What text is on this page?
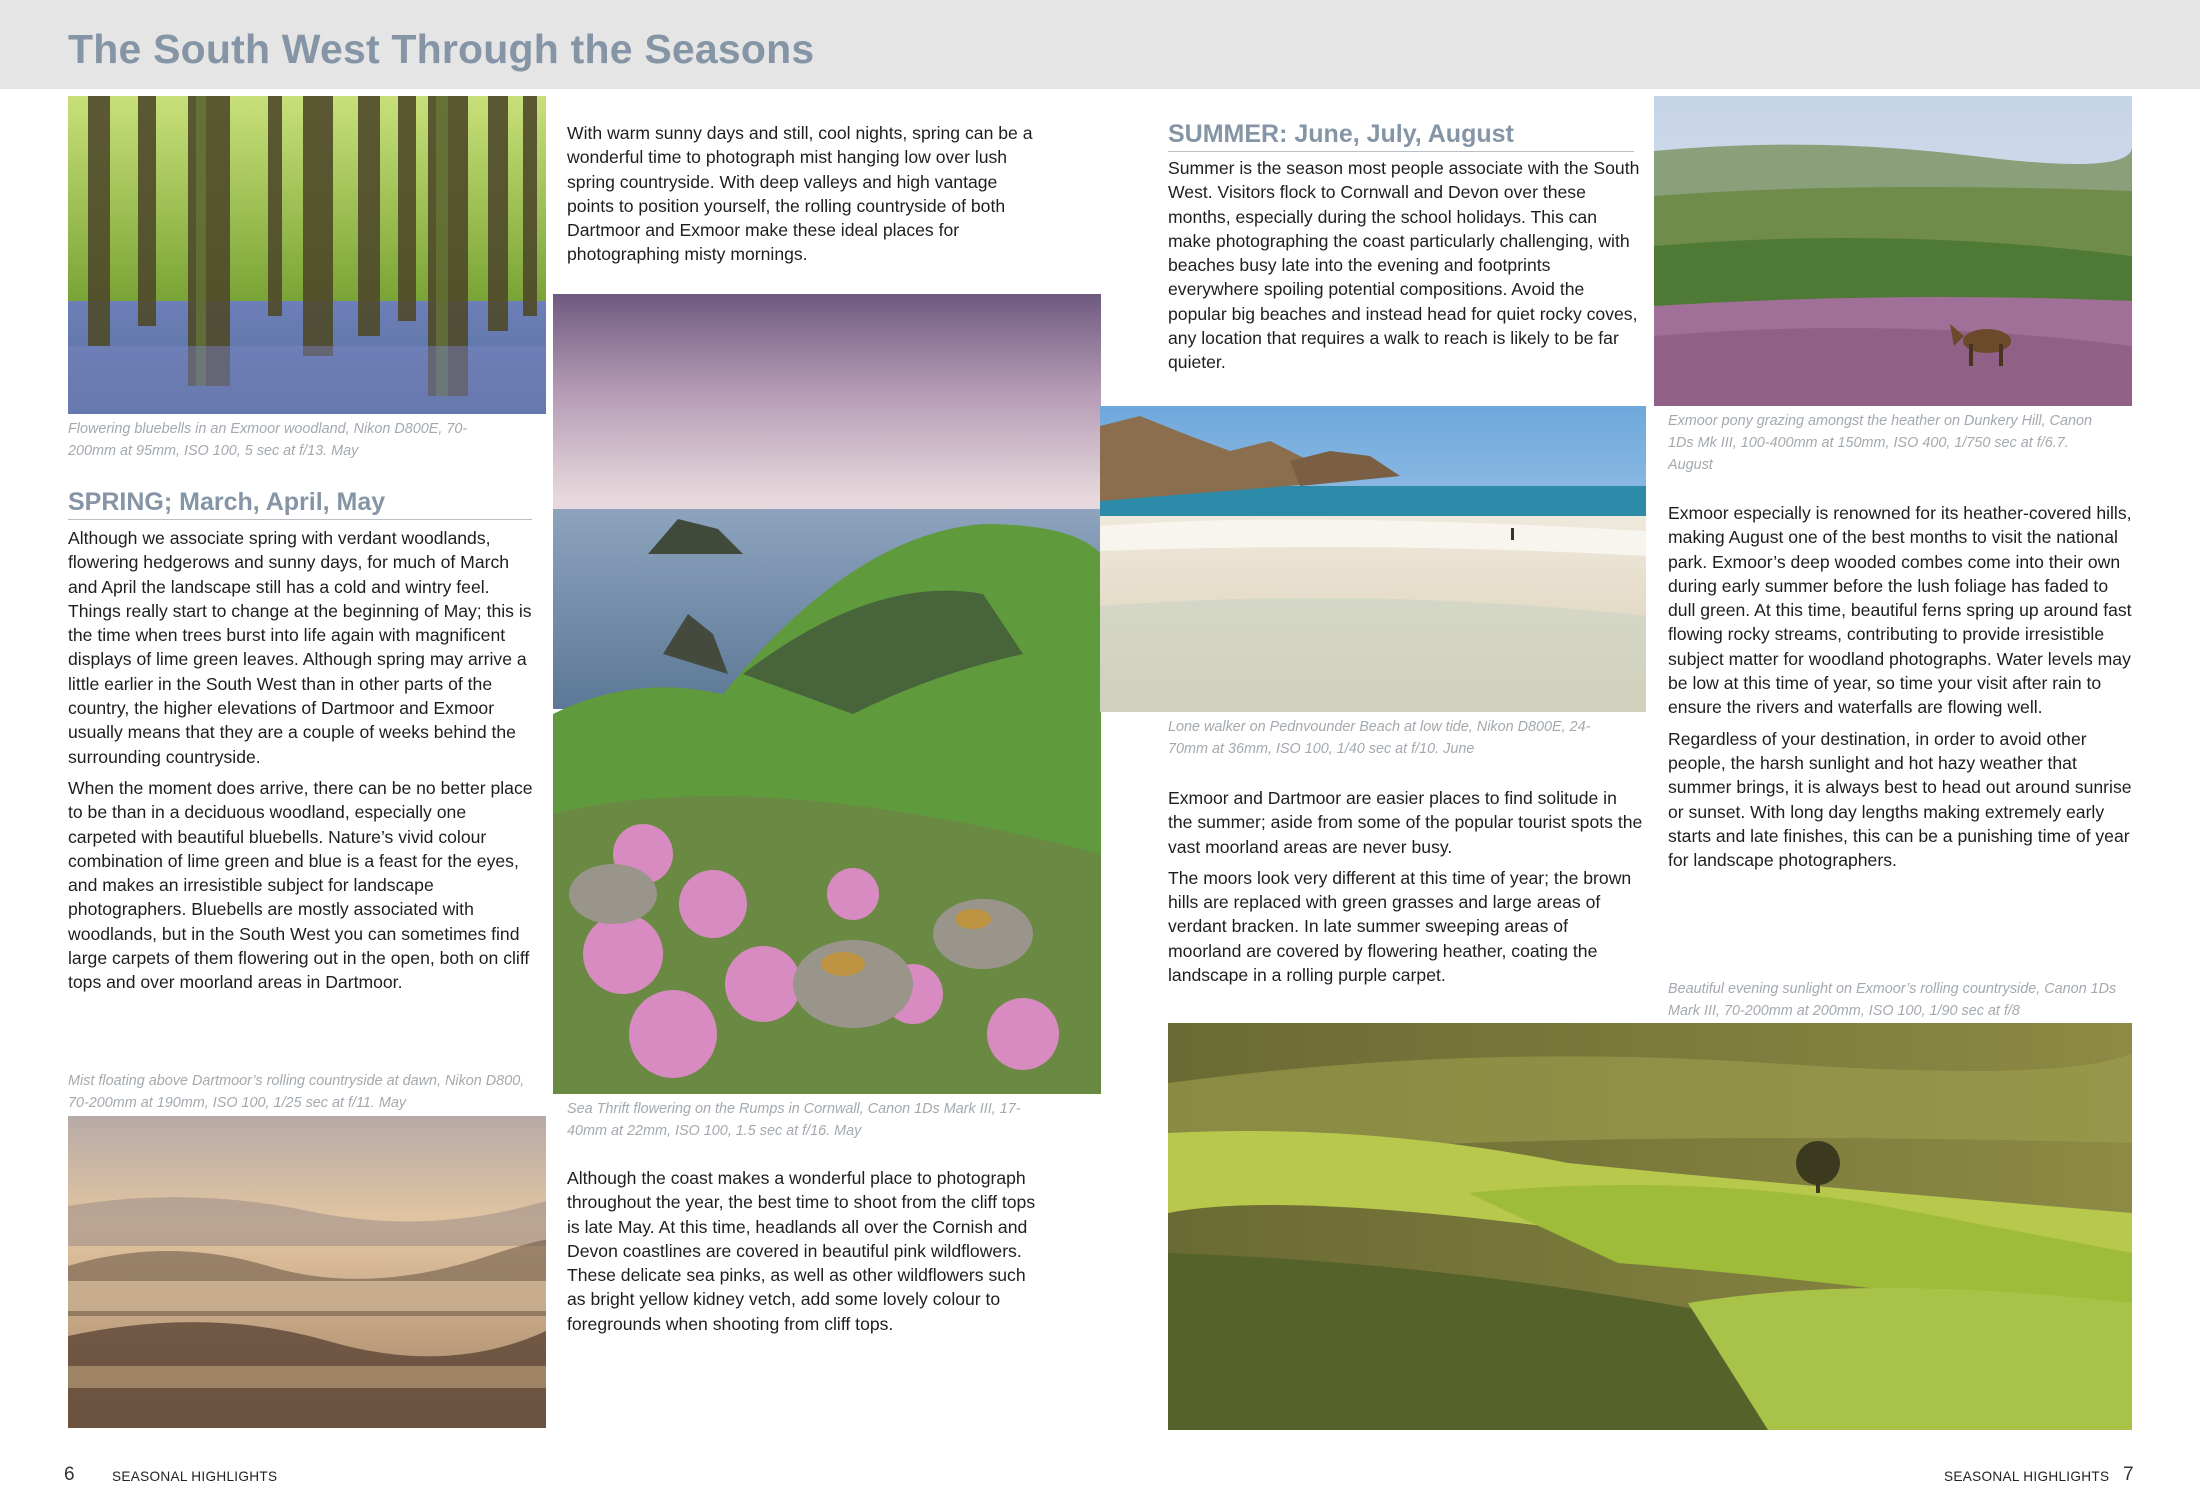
The South West Through the Seasons
Flowering bluebells in an Exmoor woodland, Nikon D800E, 70-200mm at 95mm, ISO 100, 5 sec at f/13. May
SPRING; March, April, May

Although we associate spring with verdant woodlands, flowering hedgerows and sunny days, for much of March and April the landscape still has a cold and wintry feel. Things really start to change at the beginning of May; this is the time when trees burst into life again with magnificent displays of lime green leaves. Although spring may arrive a little earlier in the South West than in other parts of the country, the higher elevations of Dartmoor and Exmoor usually means that they are a couple of weeks behind the surrounding countryside.

When the moment does arrive, there can be no better place to be than in a deciduous woodland, especially one carpeted with beautiful bluebells. Nature’s vivid colour combination of lime green and blue is a feast for the eyes, and makes an irresistible subject for landscape photographers. Bluebells are mostly associated with woodlands, but in the South West you can sometimes find large carpets of them flowering out in the open, both on cliff tops and over moorland areas in Dartmoor.

Mist floating above Dartmoor’s rolling countryside at dawn, Nikon D800, 70-200mm at 190mm, ISO 100, 1/25 sec at f/11. May

With warm sunny days and still, cool nights, spring can be a wonderful time to photograph mist hanging low over lush spring countryside. With deep valleys and high vantage points to position yourself, the rolling countryside of both Dartmoor and Exmoor make these ideal places for photographing misty mornings.

Sea Thrift flowering on the Rumps in Cornwall, Canon 1Ds Mark III, 17-40mm at 22mm, ISO 100, 1.5 sec at f/16. May

Although the coast makes a wonderful place to photograph throughout the year, the best time to shoot from the cliff tops is late May. At this time, headlands all over the Cornish and Devon coastlines are covered in beautiful pink wildflowers. These delicate sea pinks, as well as other wildflowers such as bright yellow kidney vetch, add some lovely colour to foregrounds when shooting from cliff tops.

SUMMER: June, July, August

Summer is the season most people associate with the South West. Visitors flock to Cornwall and Devon over these months, especially during the school holidays. This can make photographing the coast particularly challenging, with beaches busy late into the evening and footprints everywhere spoiling potential compositions. Avoid the popular big beaches and instead head for quiet rocky coves, any location that requires a walk to reach is likely to be far quieter.

Lone walker on Pednvounder Beach at low tide, Nikon D800E, 24-70mm at 36mm, ISO 100, 1/40 sec at f/10. June

Exmoor and Dartmoor are easier places to find solitude in the summer; aside from some of the popular tourist spots the vast moorland areas are never busy.

The moors look very different at this time of year; the brown hills are replaced with green grasses and large areas of verdant bracken. In late summer sweeping areas of moorland are covered by flowering heather, coating the landscape in a rolling purple carpet.

Exmoor pony grazing amongst the heather on Dunkery Hill, Canon 1Ds Mk III, 100-400mm at 150mm, ISO 400, 1/750 sec at f/6.7. August

Exmoor especially is renowned for its heather-covered hills, making August one of the best months to visit the national park. Exmoor’s deep wooded combes come into their own during early summer before the lush foliage has faded to dull green. At this time, beautiful ferns spring up around fast flowing rocky streams, contributing to provide irresistible subject matter for woodland photographs. Water levels may be low at this time of year, so time your visit after rain to ensure the rivers and waterfalls are flowing well.

Regardless of your destination, in order to avoid other people, the harsh sunlight and hot hazy weather that summer brings, it is always best to head out around sunrise or sunset. With long day lengths making extremely early starts and late finishes, this can be a punishing time of year for landscape photographers.

Beautiful evening sunlight on Exmoor’s rolling countryside, Canon 1Ds Mark III, 70-200mm at 200mm, ISO 100, 1/90 sec at f/8
6	SEASONAL HIGHLIGHTS	SEASONAL HIGHLIGHTS 7
